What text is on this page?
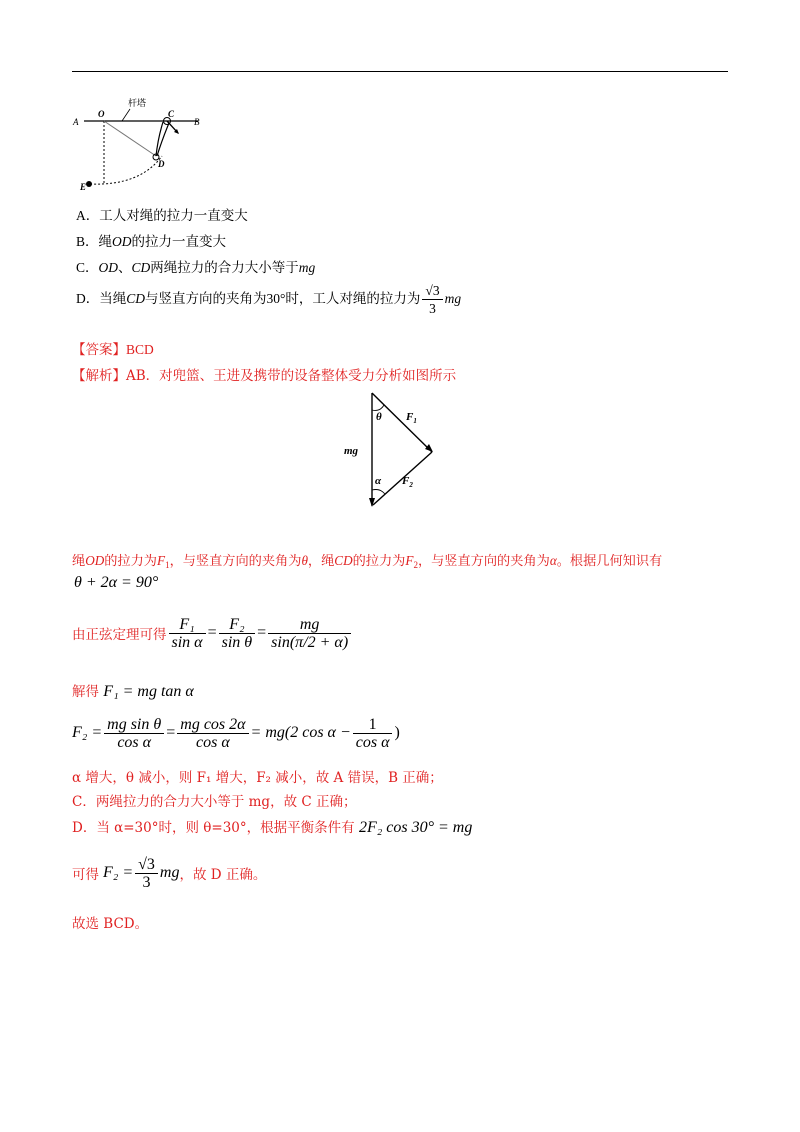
杆塔
A
O	C
B
D
E
A．工人对绳的拉力一直变大
B．绳OD的拉力一直变大
C．OD、CD两绳拉力的合力大小等于mg
D．当绳CD与竖直方向的夹角为30°时，工人对绳的拉力为 $\frac{√3}{3}$ mg
【答案】BCD
【解析】AB．对兜篮、王进及携带的设备整体受力分析如图所示
$F_1$
$F_2$
mg
θ
α
绳OD的拉力为$F_1$，与竖直方向的夹角为θ，绳CD的拉力为$F_2$，与竖直方向的夹角为α。根据几何知识有
θ + 2α = 90°
由正弦定理可得 $\frac{\text{F₁}}{\text{sin α}} = \frac{\text{F₂}}{\text{sin θ}} = \frac{mg}{\sin(\pi/2 + \alpha)}$
解得 F₁ = mg tan α
$F_2 = \frac{\text{mg sin θ}}{\text{cos α}} = \frac{\text{mg cos 2α}}{\text{cos α}} = mg(2$ $\cos \alpha - \frac{1}{\text{cos α}}$ )
α 增大，θ 减小，则 F₁ 增大，F₂ 减小，故 A 错误，B 正确；
C．两绳拉力的合力大小等于 mg，故 C 正确；
D．当 α=30°时，则 θ=30°，根据平衡条件有 2F₂ cos 30° = mg
可得 $F_2 = \frac{√3}{3}$ mg ，故 D 正确。
故选 BCD。
